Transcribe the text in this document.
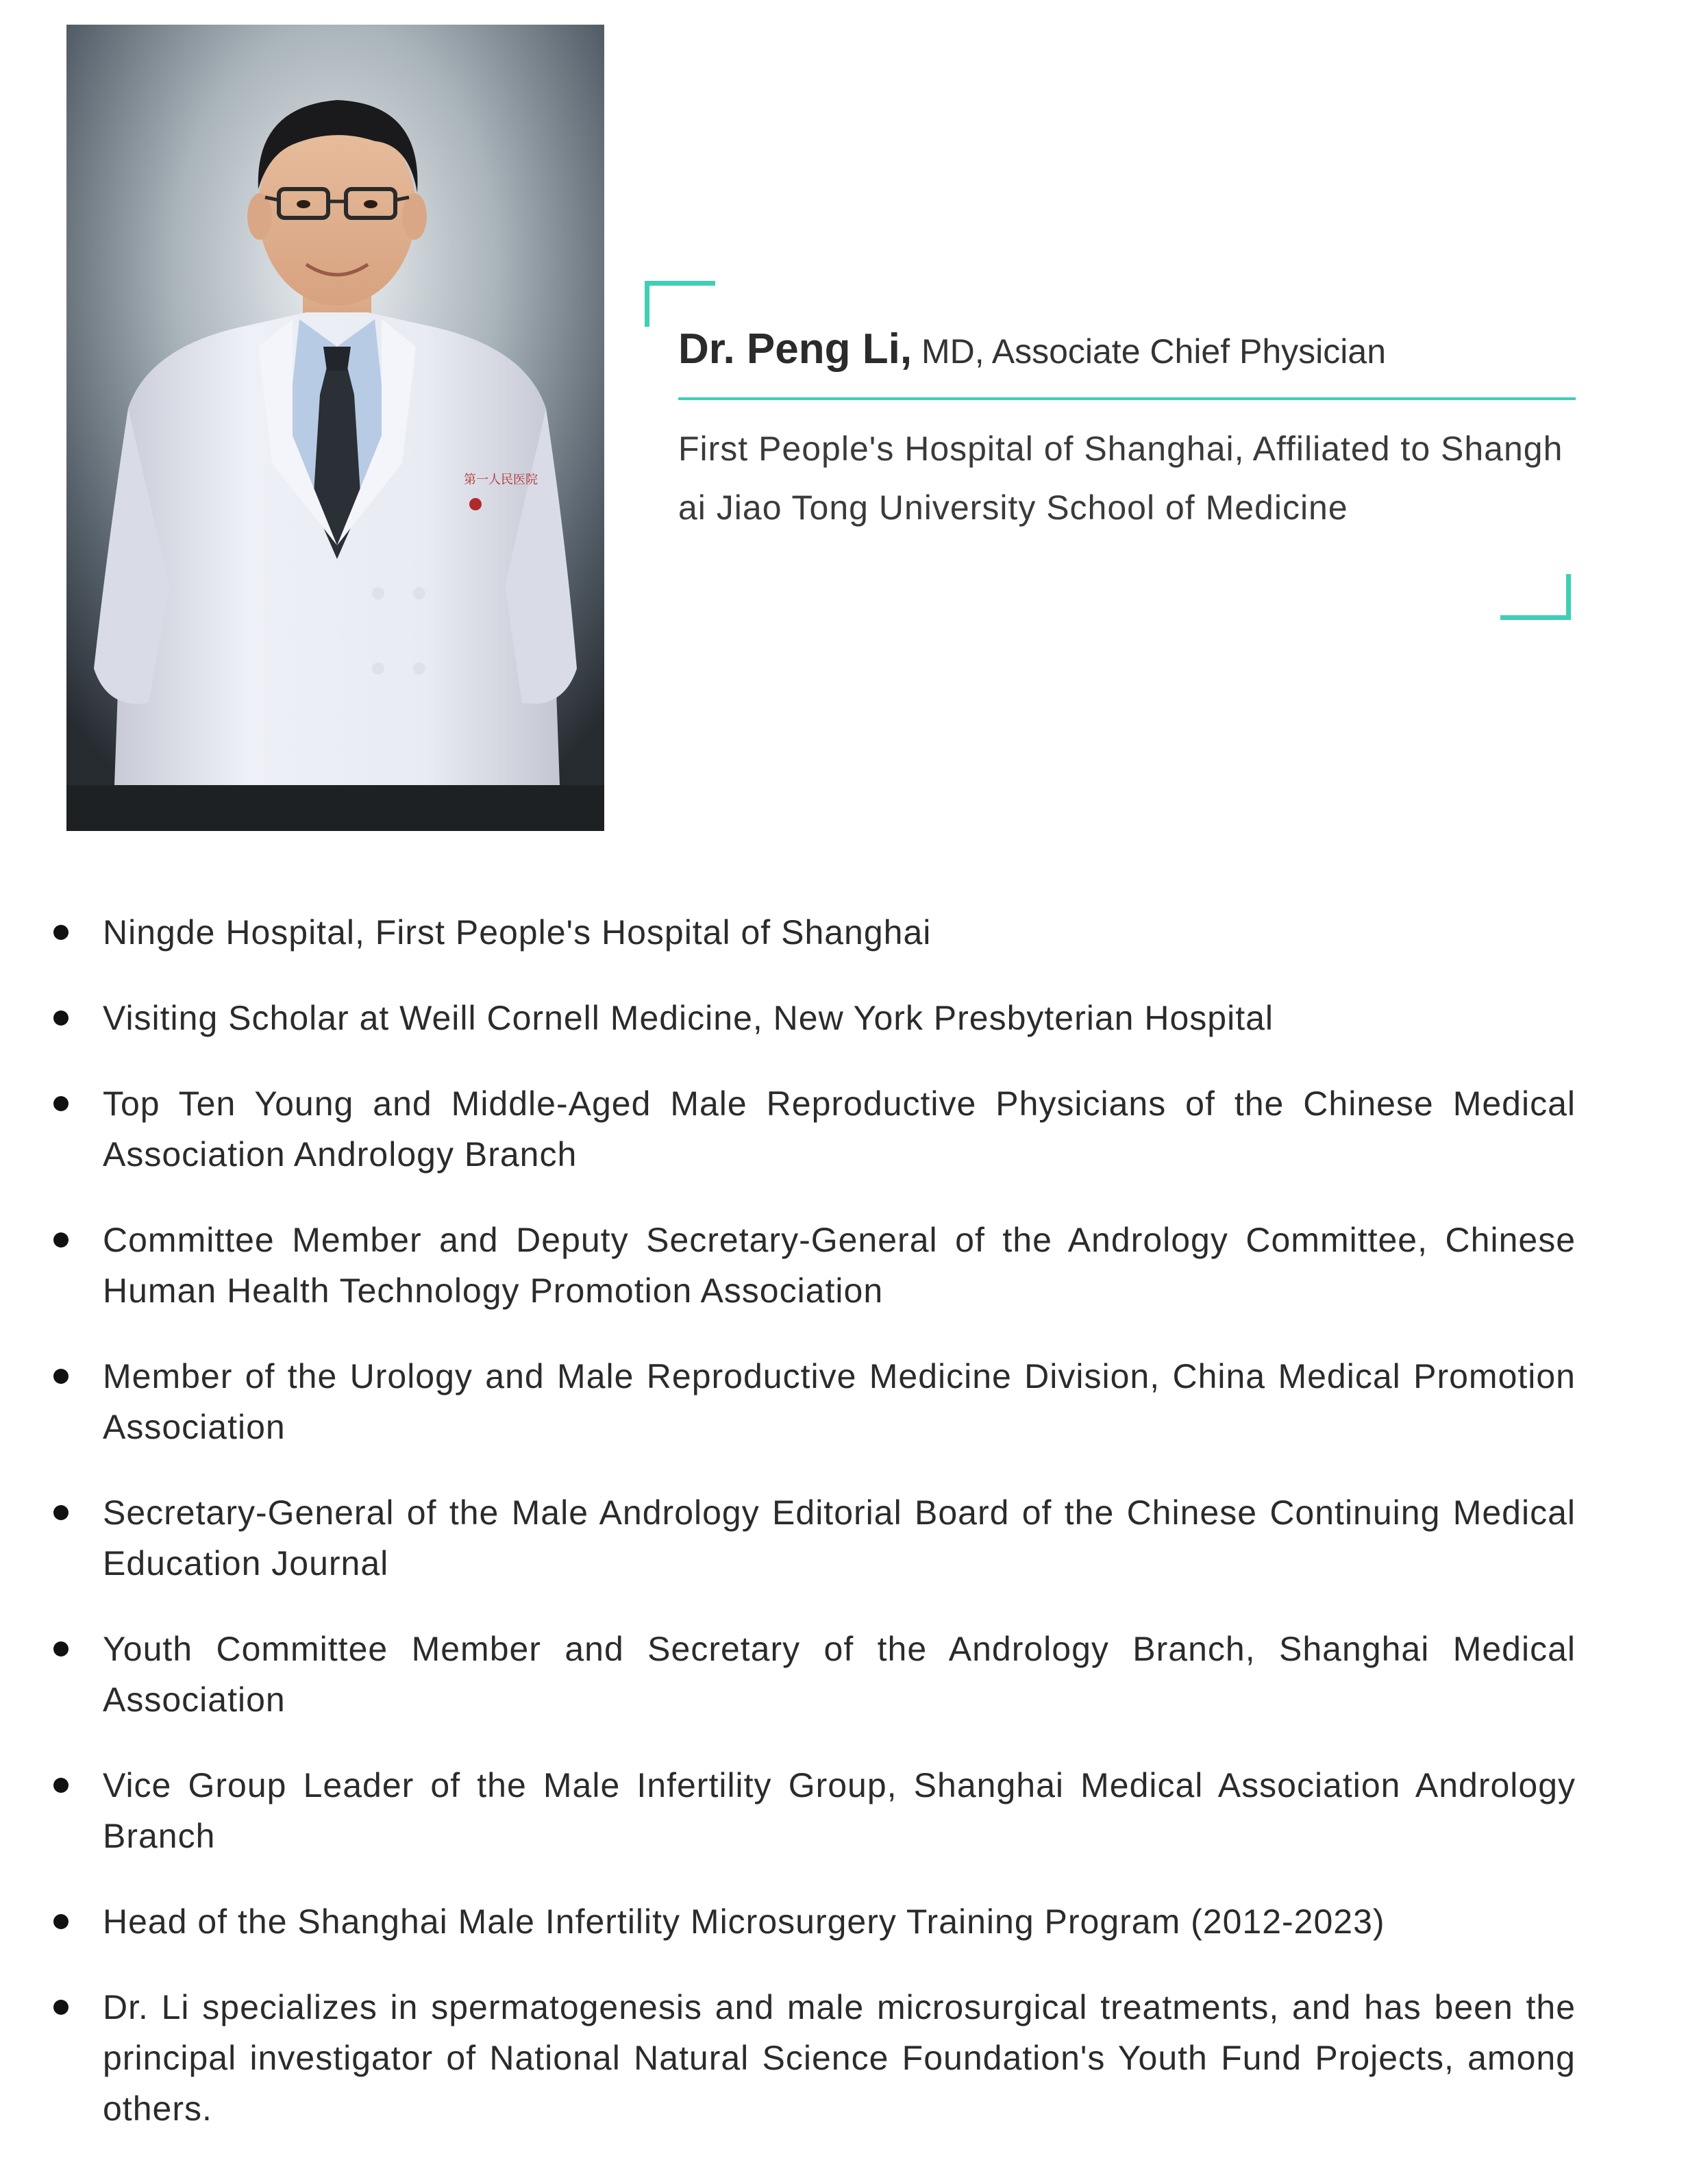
第一人民医院
Dr. Peng Li, MD, Associate Chief Physician
First People's Hospital of Shanghai, Affiliated to Shanghai Jiao Tong University School of Medicine
Ningde Hospital, First People's Hospital of Shanghai
Visiting Scholar at Weill Cornell Medicine, New York Presbyterian Hospital
Top Ten Young and Middle-Aged Male Reproductive Physicians of the Chinese Medical Association Andrology Branch
Committee Member and Deputy Secretary-General of the Andrology Committee, Chinese Human Health Technology Promotion Association
Member of the Urology and Male Reproductive Medicine Division, China Medical Promotion Association
Secretary-General of the Male Andrology Editorial Board of the Chinese Continuing Medical Education Journal
Youth Committee Member and Secretary of the Andrology Branch, Shanghai Medical Association
Vice Group Leader of the Male Infertility Group, Shanghai Medical Association Andrology Branch
Head of the Shanghai Male Infertility Microsurgery Training Program (2012-2023)
Dr. Li specializes in spermatogenesis and male microsurgical treatments, and has been the principal investigator of National Natural Science Foundation's Youth Fund Projects, among others.
